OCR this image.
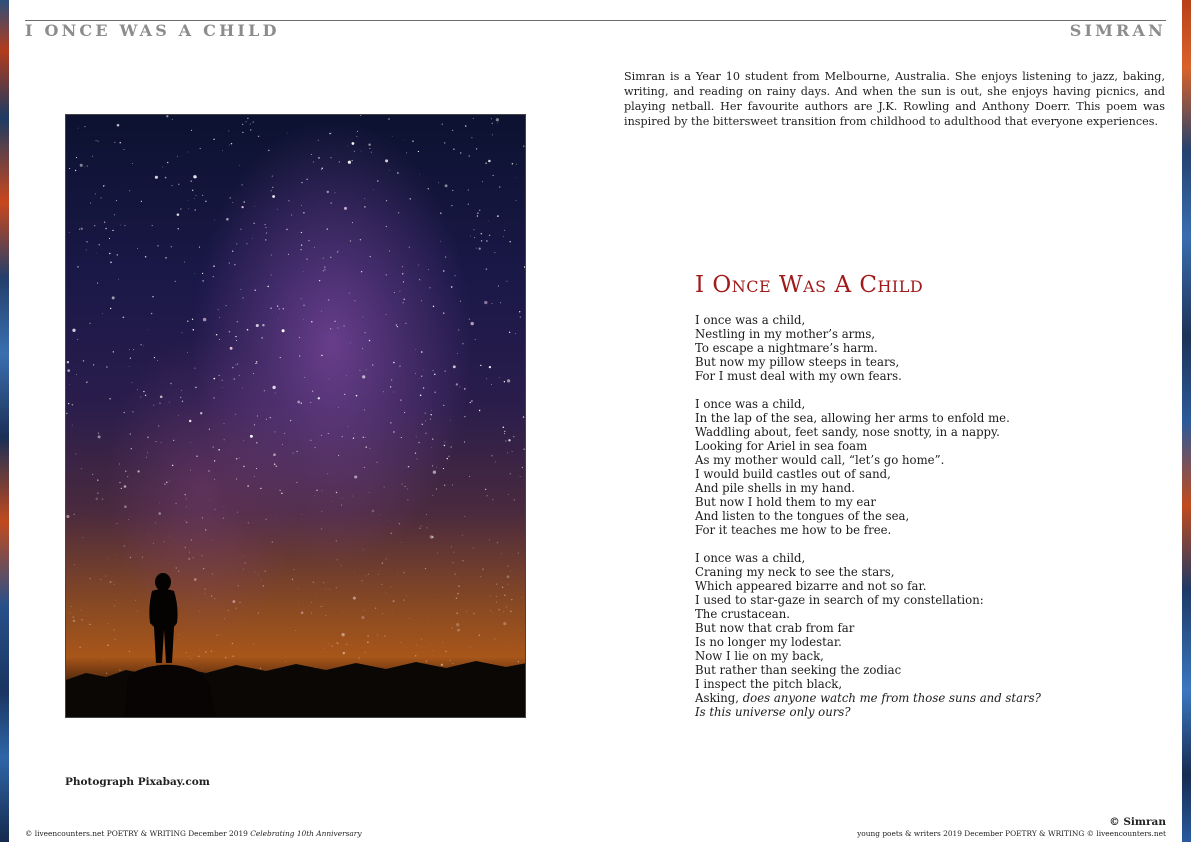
I ONCE WAS A CHILD	SIMRAN
Simran is a Year 10 student from Melbourne, Australia. She enjoys listening to jazz, baking, writing, and reading on rainy days. And when the sun is out, she enjoys having picnics, and playing netball. Her favourite authors are J.K. Rowling and Anthony Doerr. This poem was inspired by the bittersweet transition from childhood to adulthood that everyone experiences.
Photograph Pixabay.com
I Once Was A Child
I once was a child,
Nestling in my mother’s arms,
To escape a nightmare’s harm.
But now my pillow steeps in tears,
For I must deal with my own fears.
I once was a child,
In the lap of the sea, allowing her arms to enfold me.
Waddling about, feet sandy, nose snotty, in a nappy.
Looking for Ariel in sea foam
As my mother would call, “let’s go home”.
I would build castles out of sand,
And pile shells in my hand.
But now I hold them to my ear
And listen to the tongues of the sea,
For it teaches me how to be free.
I once was a child,
Craning my neck to see the stars,
Which appeared bizarre and not so far.
I used to star-gaze in search of my constellation:
The crustacean.
But now that crab from far
Is no longer my lodestar.
Now I lie on my back,
But rather than seeking the zodiac
I inspect the pitch black,
Asking, does anyone watch me from those suns and stars?
Is this universe only ours?
© Simran
© liveencounters.net POETRY & WRITING December 2019 Celebrating 10th Anniversary	young poets & writers 2019 December POETRY & WRITING © liveencounters.net
